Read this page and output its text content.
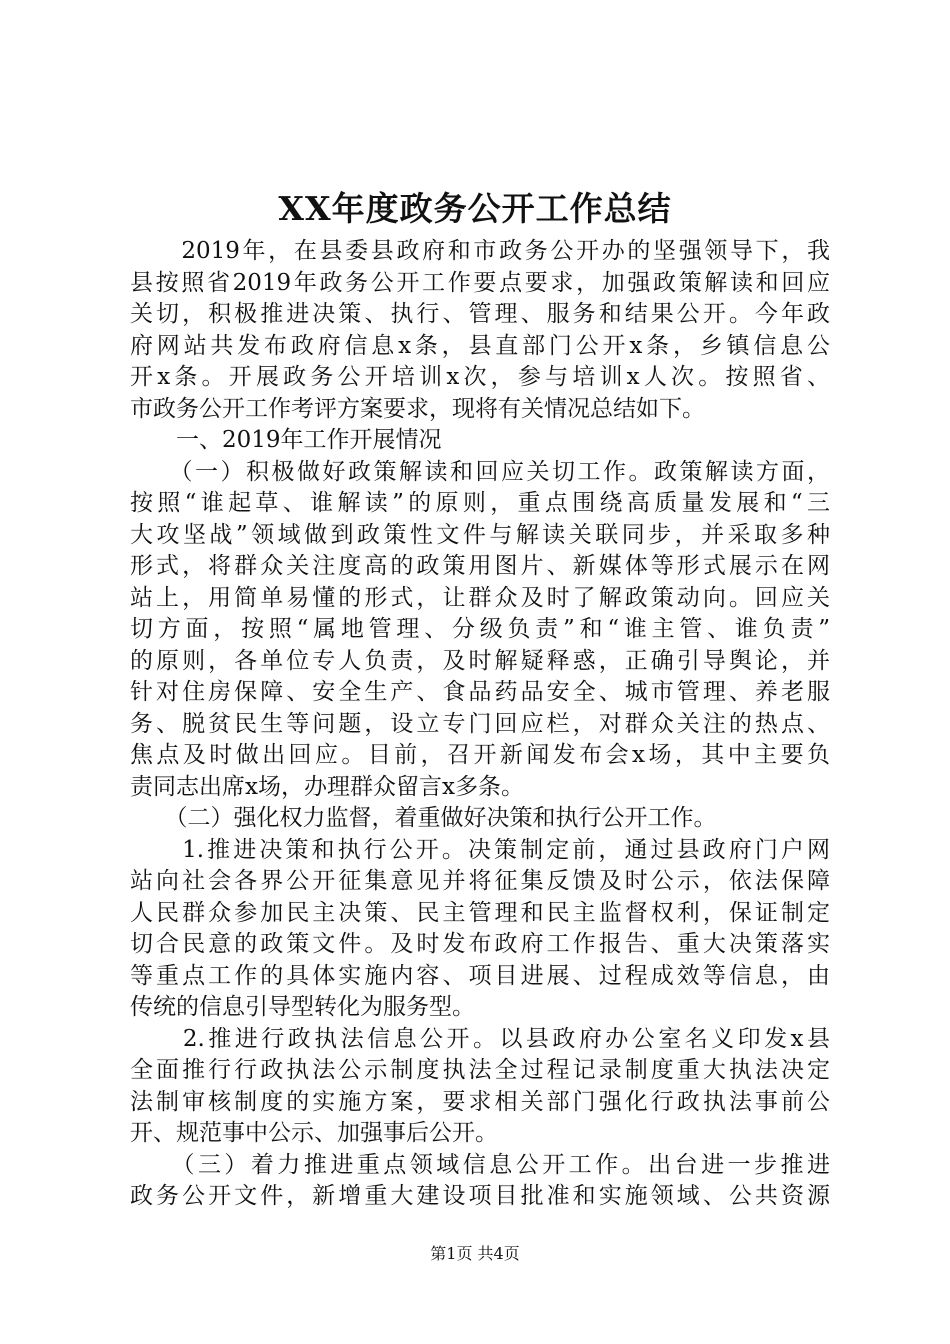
XX年度政务公开工作总结
　　2019年，在县委县政府和市政务公开办的坚强领导下，我
县按照省2019年政务公开工作要点要求，加强政策解读和回应
关切，积极推进决策、执行、管理、服务和结果公开。今年政
府网站共发布政府信息x条，县直部门公开x条，乡镇信息公
开x条。开展政务公开培训x次，参与培训x人次。按照省、
市政务公开工作考评方案要求，现将有关情况总结如下。
　　一、2019年工作开展情况
　　（一）积极做好政策解读和回应关切工作。政策解读方面，
按照“谁起草、谁解读”的原则，重点围绕高质量发展和“三
大攻坚战”领域做到政策性文件与解读关联同步，并采取多种
形式，将群众关注度高的政策用图片、新媒体等形式展示在网
站上，用简单易懂的形式，让群众及时了解政策动向。回应关
切方面，按照“属地管理、分级负责”和“谁主管、谁负责”
的原则，各单位专人负责，及时解疑释惑，正确引导舆论，并
针对住房保障、安全生产、食品药品安全、城市管理、养老服
务、脱贫民生等问题，设立专门回应栏，对群众关注的热点、
焦点及时做出回应。目前，召开新闻发布会x场，其中主要负
责同志出席x场，办理群众留言x多条。
　　（二）强化权力监督，着重做好决策和执行公开工作。
　　1.推进决策和执行公开。决策制定前，通过县政府门户网
站向社会各界公开征集意见并将征集反馈及时公示，依法保障
人民群众参加民主决策、民主管理和民主监督权利，保证制定
切合民意的政策文件。及时发布政府工作报告、重大决策落实
等重点工作的具体实施内容、项目进展、过程成效等信息，由
传统的信息引导型转化为服务型。
　　2.推进行政执法信息公开。以县政府办公室名义印发x县
全面推行行政执法公示制度执法全过程记录制度重大执法决定
法制审核制度的实施方案，要求相关部门强化行政执法事前公
开、规范事中公示、加强事后公开。
　　（三）着力推进重点领域信息公开工作。出台进一步推进
政务公开文件，新增重大建设项目批准和实施领域、公共资源
第1页 共4页
